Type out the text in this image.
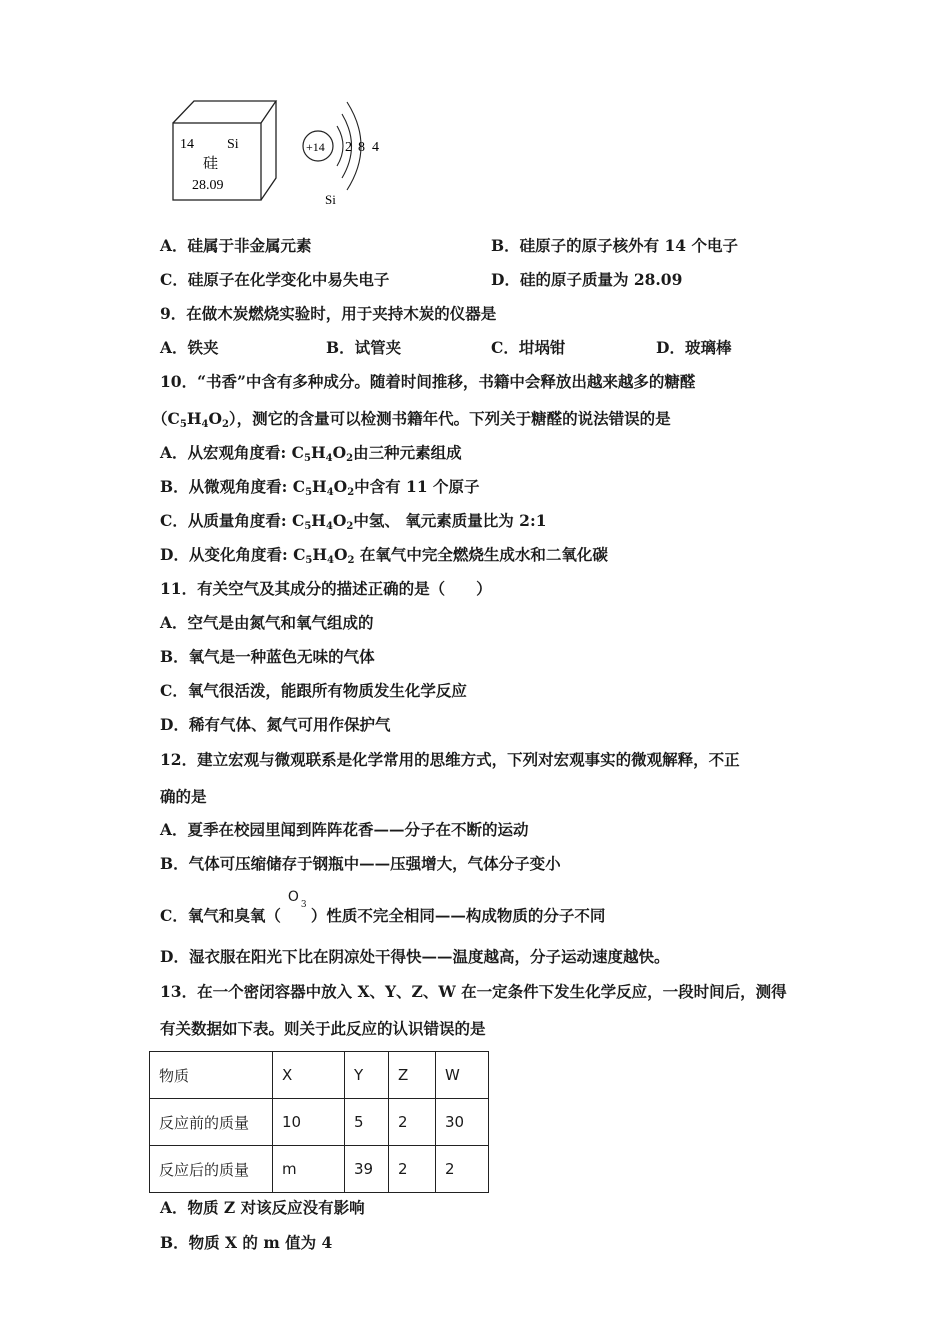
14 Si
硅
28.09
+14 2 8 4
Si
A．硅属于非金属元素	B．硅原子的原子核外有 14 个电子
C．硅原子在化学变化中易失电子	D．硅的原子质量为 28.09
9．在做木炭燃烧实验时，用于夹持木炭的仪器是
A．铁夹	B．试管夹	C．坩埚钳	D．玻璃棒
10．“书香”中含有多种成分。随着时间推移，书籍中会释放出越来越多的糖醛
$(C_5H_4O_2)$，测它的含量可以检测书籍年代。下列关于糖醛的说法错误的是
A．从宏观角度看: $C_5H_4O_2$由三种元素组成
B．从微观角度看: $C_5H_4O_2$中含有 11 个原子
C．从质量角度看: $C_5H_4O_2$中氢、 氧元素质量比为 2:1
D．从变化角度看: $C_5H_4O_2$ 在氧气中完全燃烧生成水和二氧化碳
11．有关空气及其成分的描述正确的是（　　）
A．空气是由氮气和氧气组成的
B．氧气是一种蓝色无味的气体
C．氧气很活泼，能跟所有物质发生化学反应
D．稀有气体、氮气可用作保护气
12．建立宏观与微观联系是化学常用的思维方式，下列对宏观事实的微观解释，不正
确的是
A．夏季在校园里闻到阵阵花香——分子在不断的运动
B．气体可压缩储存于钢瓶中——压强增大，气体分子变小
C．氧气和臭氧（
O 3
）性质不完全相同——构成物质的分子不同
D．湿衣服在阳光下比在阴凉处干得快——温度越高，分子运动速度越快。
13．在一个密闭容器中放入 X、Y、Z、W 在一定条件下发生化学反应，一段时间后，测得
有关数据如下表。则关于此反应的认识错误的是
物质	X	Y	Z	W
反应前的质量	10	5	2	30
反应后的质量	m	39	2	2
A．物质 Z 对该反应没有影响
B．物质 X 的 m 值为 4
